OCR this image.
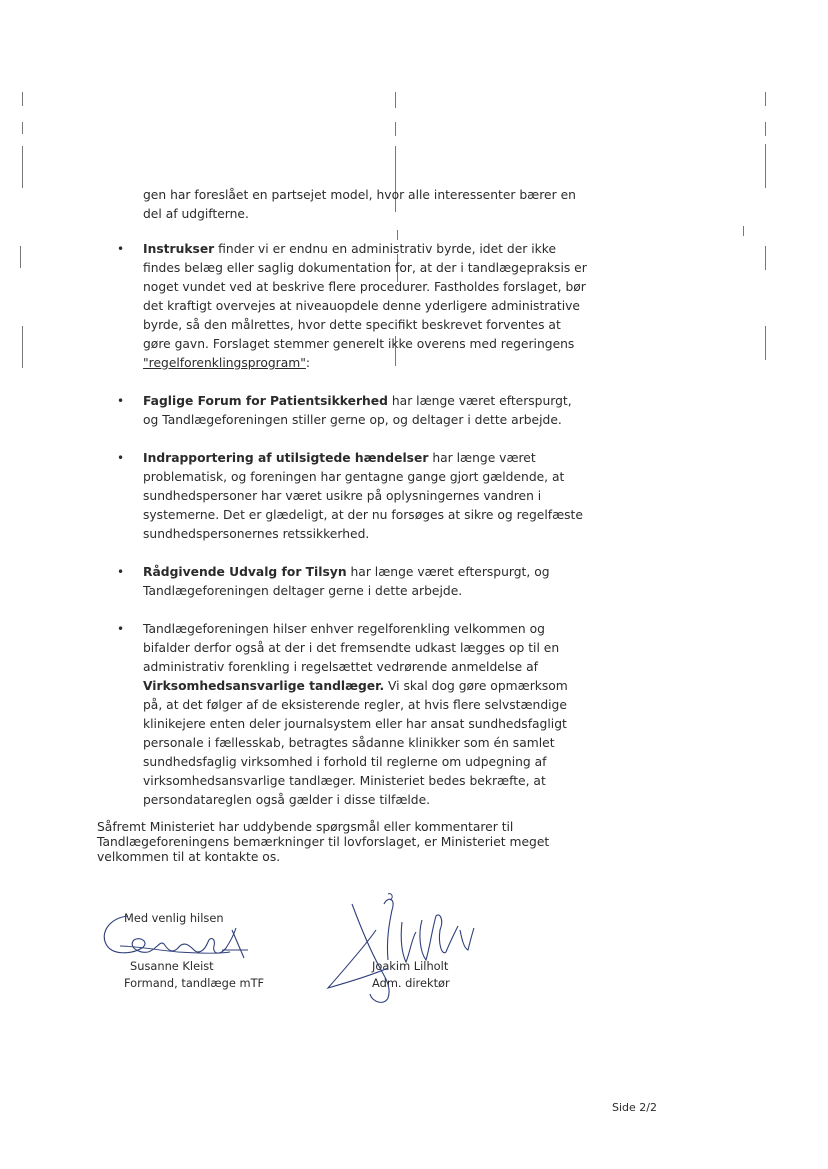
gen har foreslået en partsejet model, hvor alle interessenter bærer en del af udgifterne.

• Instrukser finder vi er endnu en administrativ byrde, idet der ikke findes belæg eller saglig dokumentation for, at der i tandlægepraksis er noget vundet ved at beskrive flere procedurer. Fastholdes forslaget, bør det kraftigt overvejes at niveauopdele denne yderligere administrative byrde, så den målrettes, hvor dette specifikt beskrevet forventes at gøre gavn. Forslaget stemmer generelt ikke overens med regeringens "regelforenklingsprogram":
• Faglige Forum for Patientsikkerhed har længe været efterspurgt, og Tandlægeforeningen stiller gerne op, og deltager i dette arbejde.
• Indrapportering af utilsigtede hændelser har længe været problematisk, og foreningen har gentagne gange gjort gældende, at sundhedspersoner har været usikre på oplysningernes vandren i systemerne. Det er glædeligt, at der nu forsøges at sikre og regelfæste sundhedspersonernes retssikkerhed.
• Rådgivende Udvalg for Tilsyn har længe været efterspurgt, og Tandlægeforeningen deltager gerne i dette arbejde.
• Tandlægeforeningen hilser enhver regelforenkling velkommen og bifalder derfor også at der i det fremsendte udkast lægges op til en administrativ forenkling i regelsættet vedrørende anmeldelse af Virksomhedsansvarlige tandlæger. Vi skal dog gøre opmærksom på, at det følger af de eksisterende regler, at hvis flere selvstændige klinikejere enten deler journalsystem eller har ansat sundhedsfagligt personale i fællesskab, betragtes sådanne klinikker som én samlet sundhedsfaglig virksomhed i forhold til reglerne om udpegning af virksomhedsansvarlige tandlæger. Ministeriet bedes bekræfte, at persondatareglen også gælder i disse tilfælde.

Såfremt Ministeriet har uddybende spørgsmål eller kommentarer til Tandlægeforeningens bemærkninger til lovforslaget, er Ministeriet meget velkommen til at kontakte os.

Med venlig hilsen
Susanne Kleist
Formand, tandlæge mTF
Joakim Lilholt
Adm. direktør
Side 2/2
